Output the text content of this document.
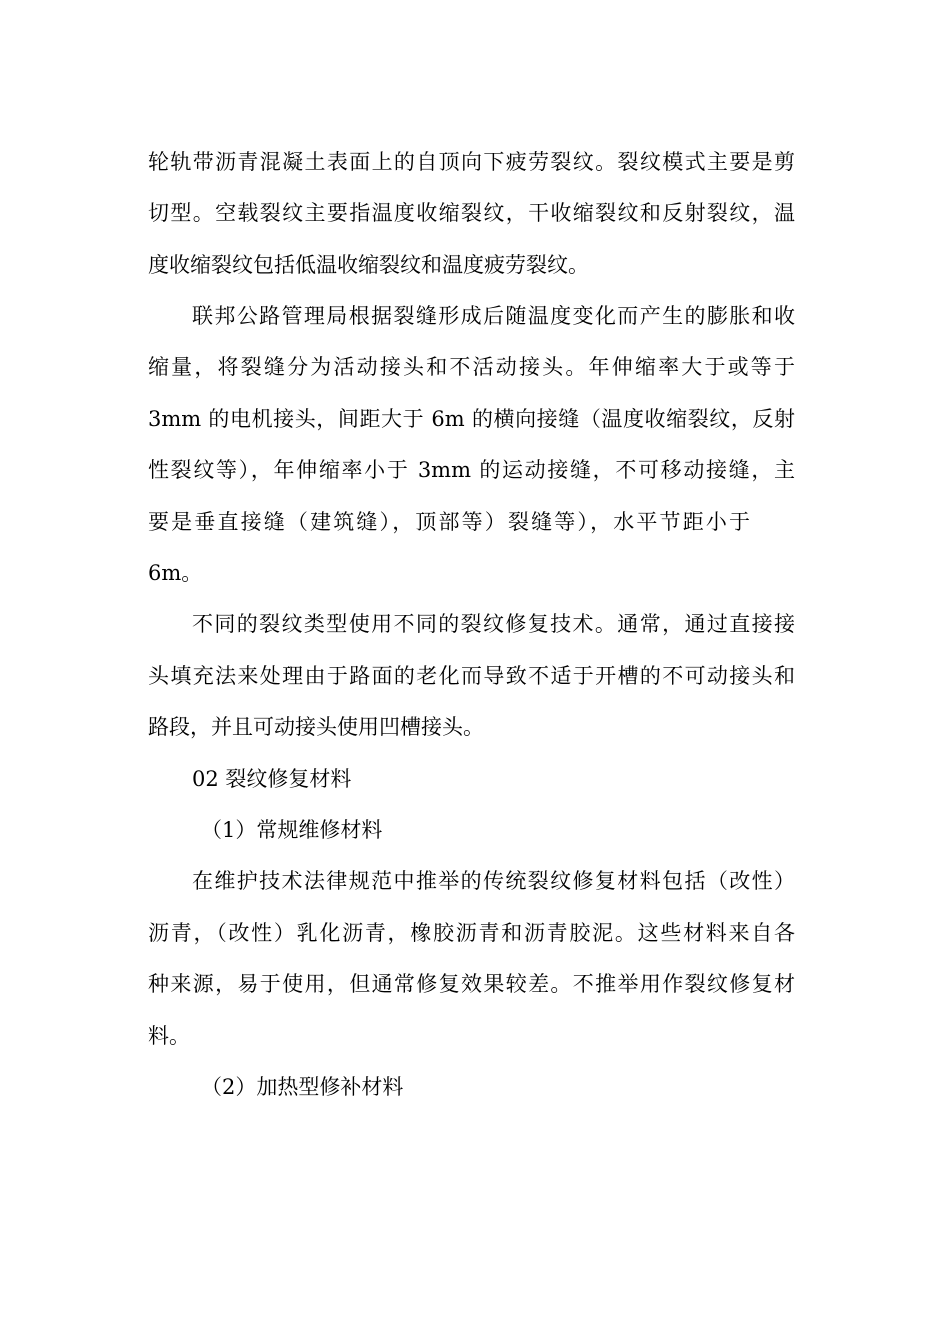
轮轨带沥青混凝土表面上的自顶向下疲劳裂纹。裂纹模式主要是剪
切型。空载裂纹主要指温度收缩裂纹，干收缩裂纹和反射裂纹，温
度收缩裂纹包括低温收缩裂纹和温度疲劳裂纹。
联邦公路管理局根据裂缝形成后随温度变化而产生的膨胀和收
缩量，将裂缝分为活动接头和不活动接头。年伸缩率大于或等于
3mm 的电机接头，间距大于 6m 的横向接缝（温度收缩裂纹，反射
性裂纹等），年伸缩率小于 3mm 的运动接缝，不可移动接缝，主
要是垂直接缝（建筑缝），顶部等）裂缝等），水平节距小于
6m。
不同的裂纹类型使用不同的裂纹修复技术。通常，通过直接接
头填充法来处理由于路面的老化而导致不适于开槽的不可动接头和
路段，并且可动接头使用凹槽接头。
02 裂纹修复材料
（1）常规维修材料
在维护技术法律规范中推举的传统裂纹修复材料包括（改性）
沥青，（改性）乳化沥青，橡胶沥青和沥青胶泥。这些材料来自各
种来源，易于使用，但通常修复效果较差。不推举用作裂纹修复材
料。
（2）加热型修补材料
